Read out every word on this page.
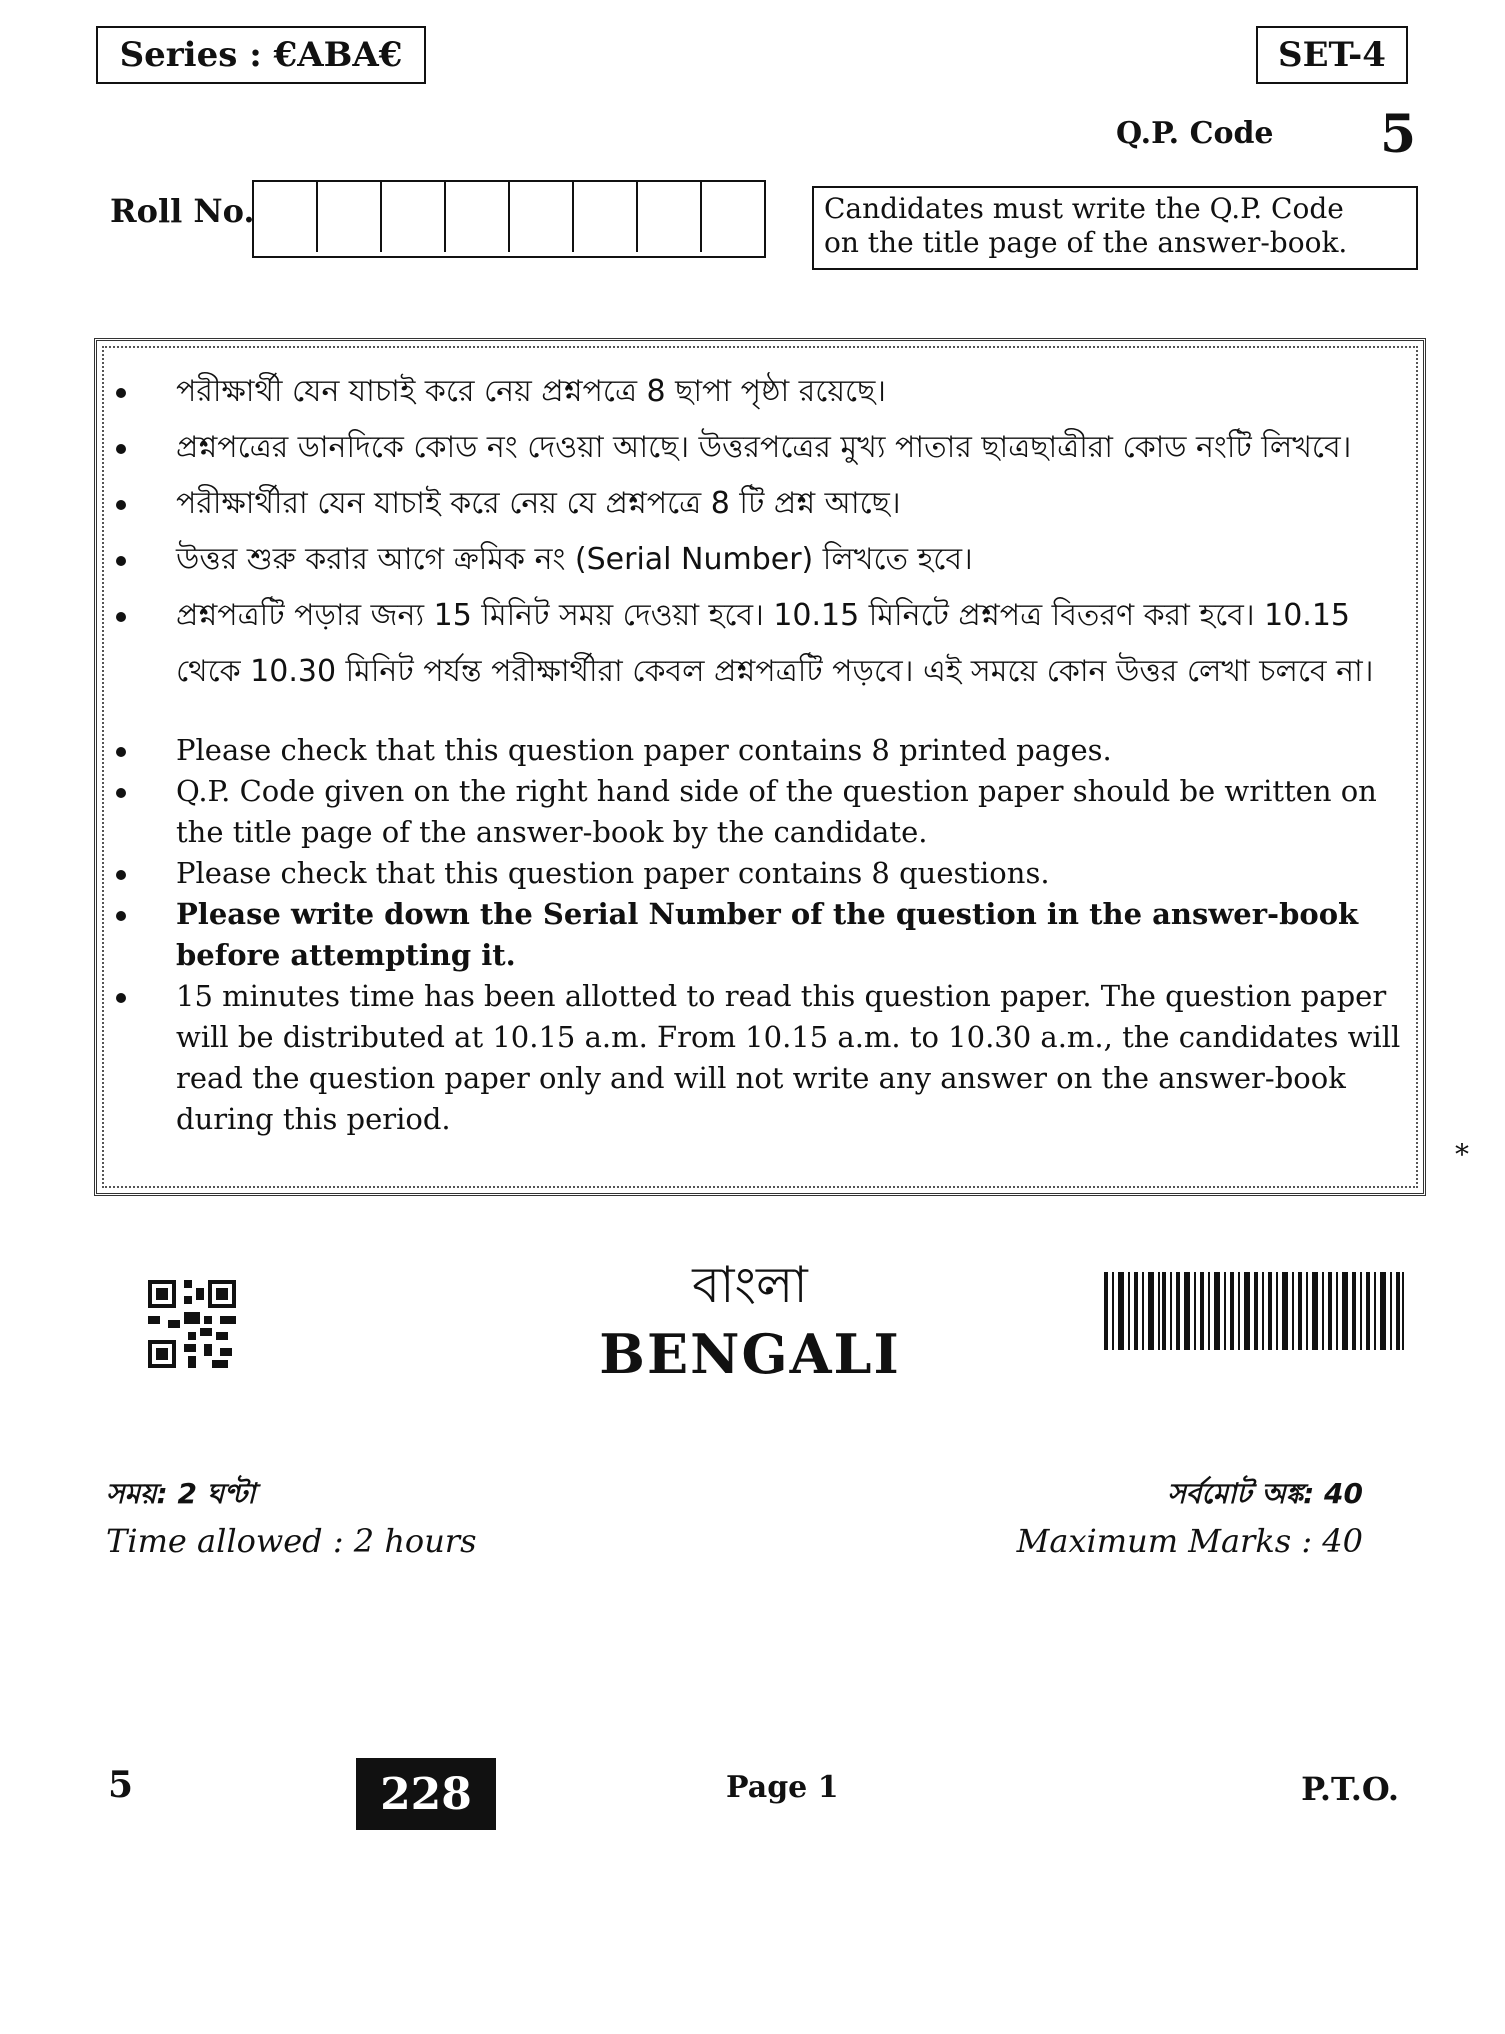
Series : €ABA€	SET-4
Q.P. Code 5
Roll No.	Candidates must write the Q.P. Code
on the title page of the answer-book.
পরীক্ষার্থী যেন যাচাই করে নেয় প্রশ্নপত্রে 8 ছাপা পৃষ্ঠা রয়েছে।
প্রশ্নপত্রের ডানদিকে কোড নং দেওয়া আছে। উত্তরপত্রের মুখ্য পাতার ছাত্রছাত্রীরা কোড নংটি লিখবে।
পরীক্ষার্থীরা যেন যাচাই করে নেয় যে প্রশ্নপত্রে 8 টি প্রশ্ন আছে।
উত্তর শুরু করার আগে ক্রমিক নং (Serial Number) লিখতে হবে।
প্রশ্নপত্রটি পড়ার জন্য 15 মিনিট সময় দেওয়া হবে। 10.15 মিনিটে প্রশ্নপত্র বিতরণ করা হবে। 10.15 থেকে 10.30 মিনিট পর্যন্ত পরীক্ষার্থীরা কেবল প্রশ্নপত্রটি পড়বে। এই সময়ে কোন উত্তর লেখা চলবে না।
Please check that this question paper contains 8 printed pages.
Q.P. Code given on the right hand side of the question paper should be written on the title page of the answer-book by the candidate.
Please check that this question paper contains 8 questions.
Please write down the Serial Number of the question in the answer-book before attempting it.
15 minutes time has been allotted to read this question paper. The question paper will be distributed at 10.15 a.m. From 10.15 a.m. to 10.30 a.m., the candidates will read the question paper only and will not write any answer on the answer-book during this period.
*
বাংলা
BENGALI
সময়: 2 ঘণ্টা
Time allowed : 2 hours
সর্বমোট অঙ্ক: 40
Maximum Marks : 40
5	228	Page 1	P.T.O.
